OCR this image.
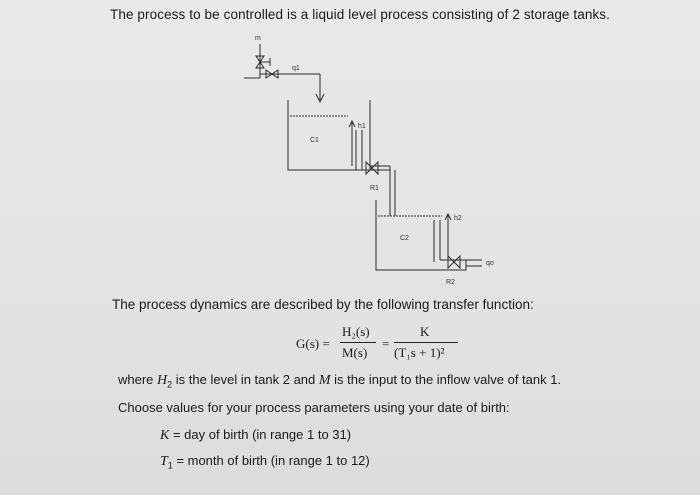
The process to be controlled is a liquid level process consisting of 2 storage tanks.
m
q1
h1
C1
R1
h2
C2
qo
R2
The process dynamics are described by the following transfer function:
G(s) =
H₂(s)
M(s)
=
K
(T₁s + 1)²
where $H_2$ is the level in tank 2 and M is the input to the inflow valve of tank 1.
Choose values for your process parameters using your date of birth:
K = day of birth (in range 1 to 31)
$T_1$ = month of birth (in range 1 to 12)
